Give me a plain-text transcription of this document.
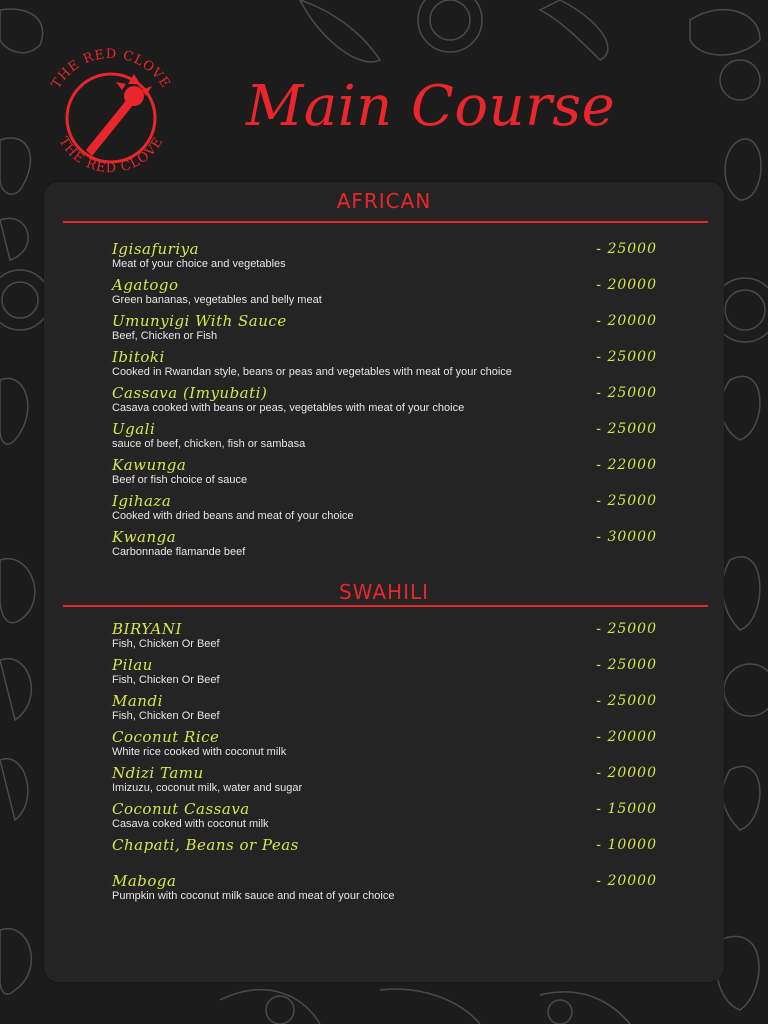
THE RED CLOVE
THE RED CLOVE
Main Course
AFRICAN
Igisafuriya
Meat of your choice and vegetables
- 25000
Agatogo
Green bananas, vegetables and belly meat
- 20000
Umunyigi With Sauce
Beef, Chicken or Fish
- 20000
Ibitoki
Cooked in Rwandan style, beans or peas and vegetables with meat of your choice
- 25000
Cassava (Imyubati)
Casava cooked with beans or peas, vegetables with meat of your choice
- 25000
Ugali
sauce of beef, chicken, fish or sambasa
- 25000
Kawunga
Beef or fish choice of sauce
- 22000
Igihaza
Cooked with dried beans and meat of your choice
- 25000
Kwanga
Carbonnade flamande beef
- 30000
SWAHILI
BIRYANI
Fish, Chicken Or Beef
- 25000
Pilau
Fish, Chicken Or Beef
- 25000
Mandi
Fish, Chicken Or Beef
- 25000
Coconut Rice
White rice cooked with coconut milk
- 20000
Ndizi Tamu
Imizuzu, coconut milk, water and sugar
- 20000
Coconut Cassava
Casava coked with coconut milk
- 15000
Chapati, Beans or Peas	- 10000
Maboga
Pumpkin with coconut milk sauce and meat of your choice
- 20000
